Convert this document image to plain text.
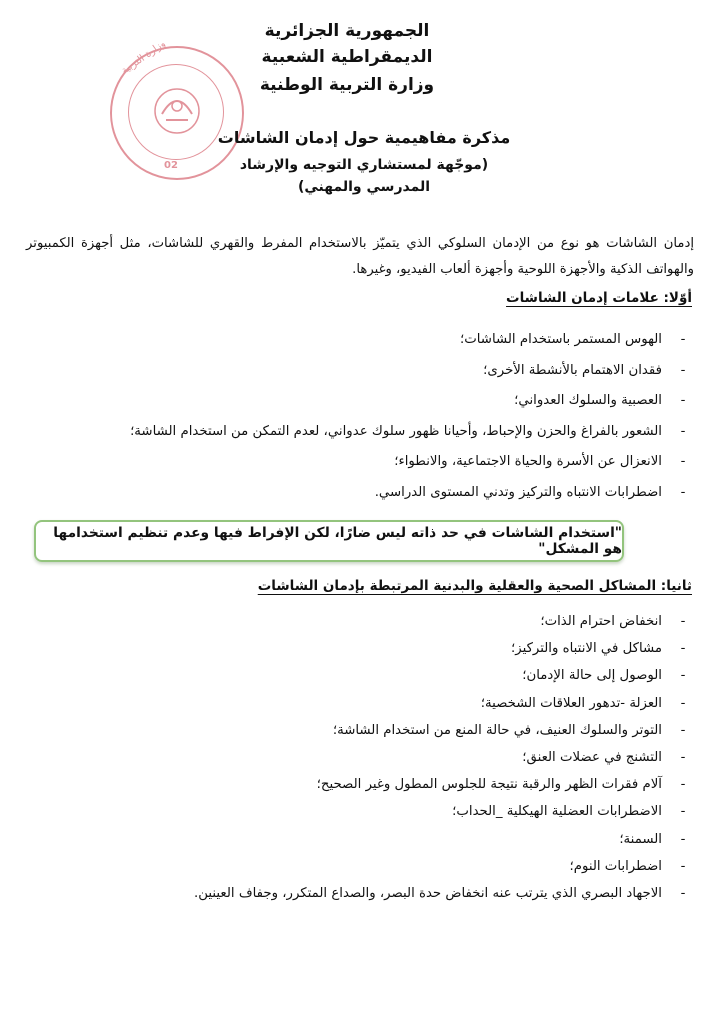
الجمهورية الجزائرية الديمقراطية الشعبية
وزارة التربية الوطنية
وزارة التربية
02
مذكرة مفاهيمية حول إدمان الشاشات
(موجّهة لمستشاري التوجيه والإرشاد المدرسي والمهني)

إدمان الشاشات هو نوع من الإدمان السلوكي الذي يتميّز بالاستخدام المفرط والقهري للشاشات، مثل أجهزة الكمبيوتر والهواتف الذكية والأجهزة اللوحية وأجهزة ألعاب الفيديو، وغيرها.

أوّلا: علامات إدمان الشاشات
-
الهوس المستمر باستخدام الشاشات؛
-
فقدان الاهتمام بالأنشطة الأخرى؛
-
العصبية والسلوك العدواني؛
-
الشعور بالفراغ والحزن والإحباط، وأحيانا ظهور سلوك عدواني، لعدم التمكن من استخدام الشاشة؛
-
الانعزال عن الأسرة والحياة الاجتماعية، والانطواء؛
-
اضطرابات الانتباه والتركيز وتدني المستوى الدراسي.
"استخدام الشاشات في حد ذاته ليس ضارًا، لكن الإفراط فيها وعدم تنظيم استخدامها هو المشكل"
ثانيا: المشاكل الصحية والعقلية والبدنية المرتبطة بإدمان الشاشات
-
انخفاض احترام الذات؛
-
مشاكل في الانتباه والتركيز؛
-
الوصول إلى حالة الإدمان؛
-
العزلة -تدهور العلاقات الشخصية؛
-
التوتر والسلوك العنيف، في حالة المنع من استخدام الشاشة؛
-
التشنج في عضلات العنق؛
-
آلام فقرات الظهر والرقبة نتيجة للجلوس المطول وغير الصحيح؛
-
الاضطرابات العضلية الهيكلية _الحداب؛
-
السمنة؛
-
اضطرابات النوم؛
-
الاجهاد البصري الذي يترتب عنه انخفاض حدة البصر، والصداع المتكرر، وجفاف العينين.
